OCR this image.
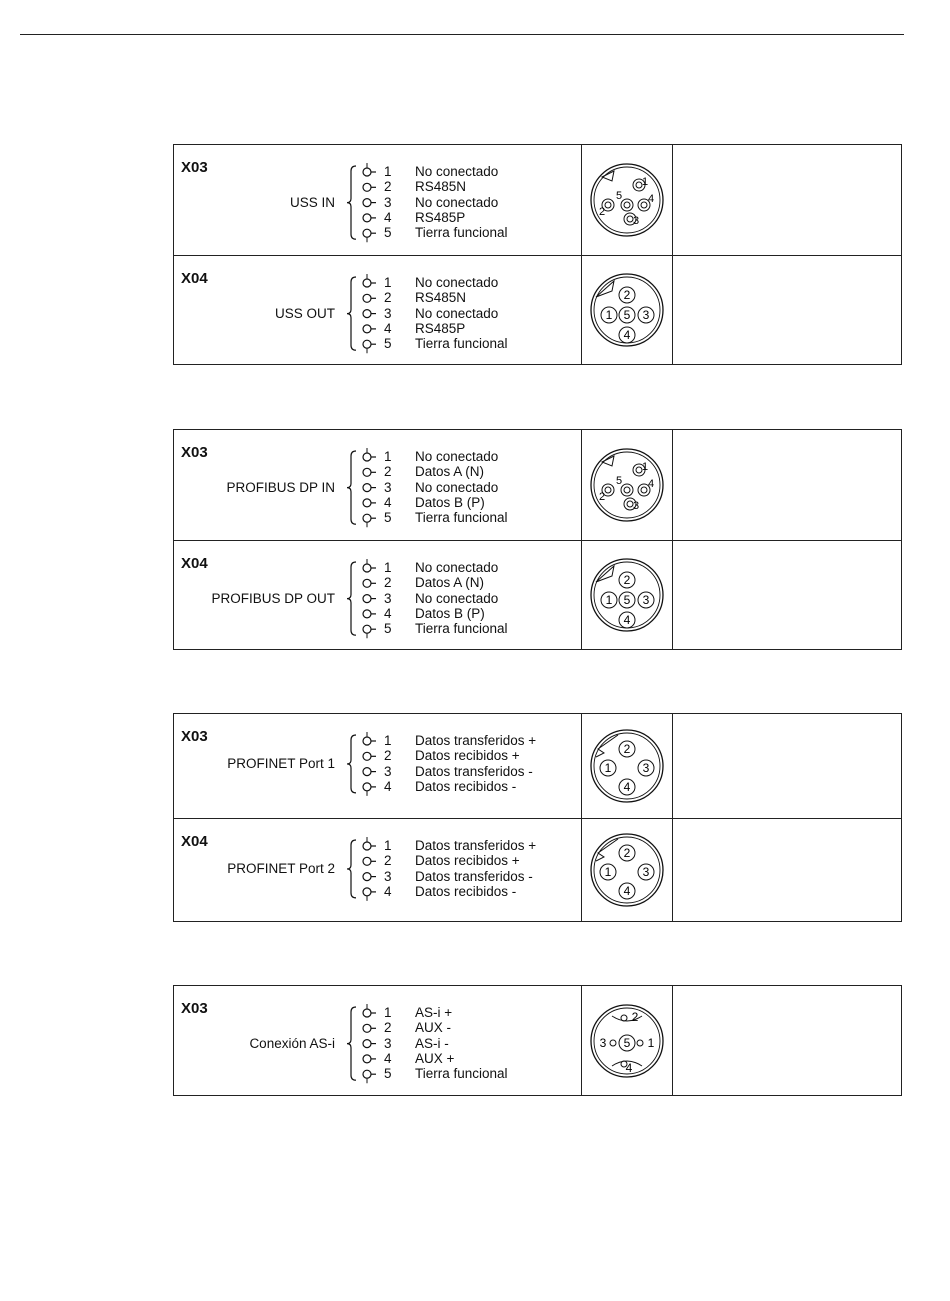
X03
USS IN
1 No conectado
2 RS485N
3 No conectado
4 RS485P
5 Tierra funcional
1
2
3
4
5
X04
USS OUT
1 No conectado
2 RS485N
3 No conectado
4 RS485P
5 Tierra funcional
1
2
3
4
5
X03
PROFIBUS DP IN
1 No conectado
2 Datos A (N)
3 No conectado
4 Datos B (P)
5 Tierra funcional
1
2
3
4
5
X04
PROFIBUS DP OUT
1 No conectado
2 Datos A (N)
3 No conectado
4 Datos B (P)
5 Tierra funcional
1
2
3
4
5
X03
PROFINET Port 1
1 Datos transferidos +
2 Datos recibidos +
3 Datos transferidos -
4 Datos recibidos -
1
2
3
4
X04
PROFINET Port 2
1 Datos transferidos +
2 Datos recibidos +
3 Datos transferidos -
4 Datos recibidos -
1
2
3
4
X03
Conexión AS-i
1 AS-i +
2 AUX -
3 AS-i -
4 AUX +
5 Tierra funcional
1
2
3
4
5
